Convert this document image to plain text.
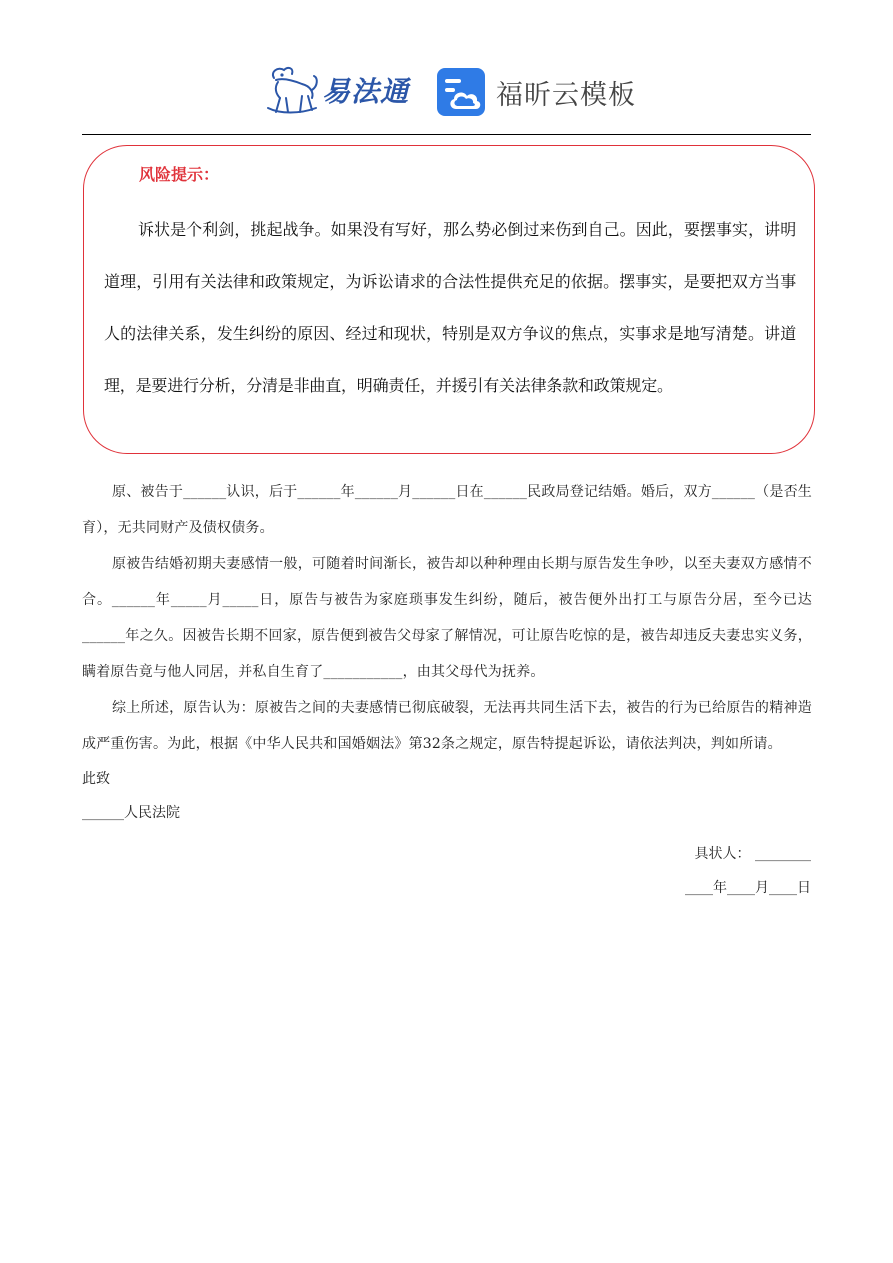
易法通	福昕云模板
风险提示：
诉状是个利剑，挑起战争。如果没有写好，那么势必倒过来伤到自己。因此，要摆事实，讲明道理，引用有关法律和政策规定，为诉讼请求的合法性提供充足的依据。摆事实，是要把双方当事人的法律关系，发生纠纷的原因、经过和现状，特别是双方争议的焦点，实事求是地写清楚。讲道理，是要进行分析，分清是非曲直，明确责任，并援引有关法律条款和政策规定。

原、被告于______认识，后于______年______月______日在______民政局登记结婚。婚后，双方______（是否生育），无共同财产及债权债务。

原被告结婚初期夫妻感情一般，可随着时间渐长，被告却以种种理由长期与原告发生争吵，以至夫妻双方感情不合。______年_____月_____日，原告与被告为家庭琐事发生纠纷，随后，被告便外出打工与原告分居，至今已达______年之久。因被告长期不回家，原告便到被告父母家了解情况，可让原告吃惊的是，被告却违反夫妻忠实义务，瞒着原告竟与他人同居，并私自生育了___________，由其父母代为抚养。

综上所述，原告认为：原被告之间的夫妻感情已彻底破裂，无法再共同生活下去，被告的行为已给原告的精神造成严重伤害。为此，根据《中华人民共和国婚姻法》第32条之规定，原告特提起诉讼，请依法判决，判如所请。

此致

______人民法院

具状人： ________
____年____月____日
